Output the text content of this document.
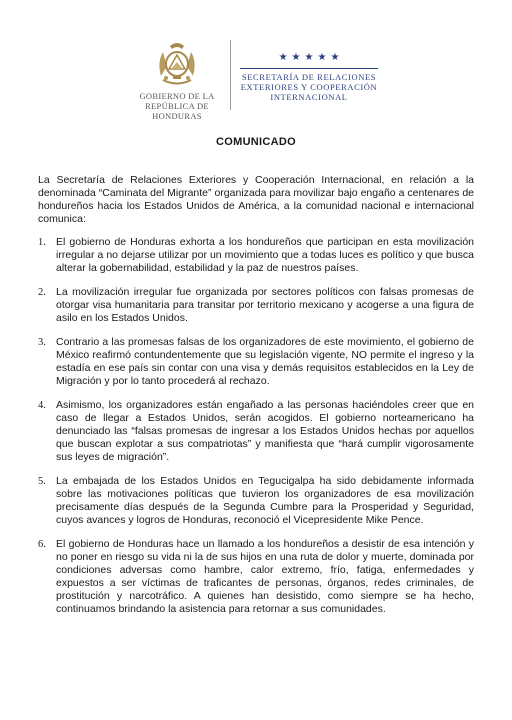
GOBIERNO DE LA
REPÚBLICA DE HONDURAS
★ ★ ★ ★ ★
SECRETARÍA DE RELACIONES
EXTERIORES Y COOPERACIÓN
INTERNACIONAL
COMUNICADO

La Secretaría de Relaciones Exteriores y Cooperación Internacional, en relación a la denominada “Caminata del Migrante” organizada para movilizar bajo engaño a centenares de hondureños hacia los Estados Unidos de América, a la comunidad nacional e internacional comunica:

1. El gobierno de Honduras exhorta a los hondureños que participan en esta movilización irregular a no dejarse utilizar por un movimiento que a todas luces es político y que busca alterar la gobernabilidad, estabilidad y la paz de nuestros países.
2. La movilización irregular fue organizada por sectores políticos con falsas promesas de otorgar visa humanitaria para transitar por territorio mexicano y acogerse a una figura de asilo en los Estados Unidos.
3. Contrario a las promesas falsas de los organizadores de este movimiento, el gobierno de México reafirmó contundentemente que su legislación vigente, NO permite el ingreso y la estadía en ese país sin contar con una visa y demás requisitos establecidos en la Ley de Migración y por lo tanto procederá al rechazo.
4. Asimismo, los organizadores están engañado a las personas haciéndoles creer que en caso de llegar a Estados Unidos, serán acogidos. El gobierno norteamericano ha denunciado las “falsas promesas de ingresar a los Estados Unidos hechas por aquellos que buscan explotar a sus compatriotas” y manifiesta que “hará cumplir vigorosamente sus leyes de migración”.
5. La embajada de los Estados Unidos en Tegucigalpa ha sido debidamente informada sobre las motivaciones políticas que tuvieron los organizadores de esa movilización precisamente días después de la Segunda Cumbre para la Prosperidad y Seguridad, cuyos avances y logros de Honduras, reconoció el Vicepresidente Mike Pence.
6. El gobierno de Honduras hace un llamado a los hondureños a desistir de esa intención y no poner en riesgo su vida ni la de sus hijos en una ruta de dolor y muerte, dominada por condiciones adversas como hambre, calor extremo, frío, fatiga, enfermedades y expuestos a ser víctimas de traficantes de personas, órganos, redes criminales, de prostitución y narcotráfico. A quienes han desistido, como siempre se ha hecho, continuamos brindando la asistencia para retornar a sus comunidades.
